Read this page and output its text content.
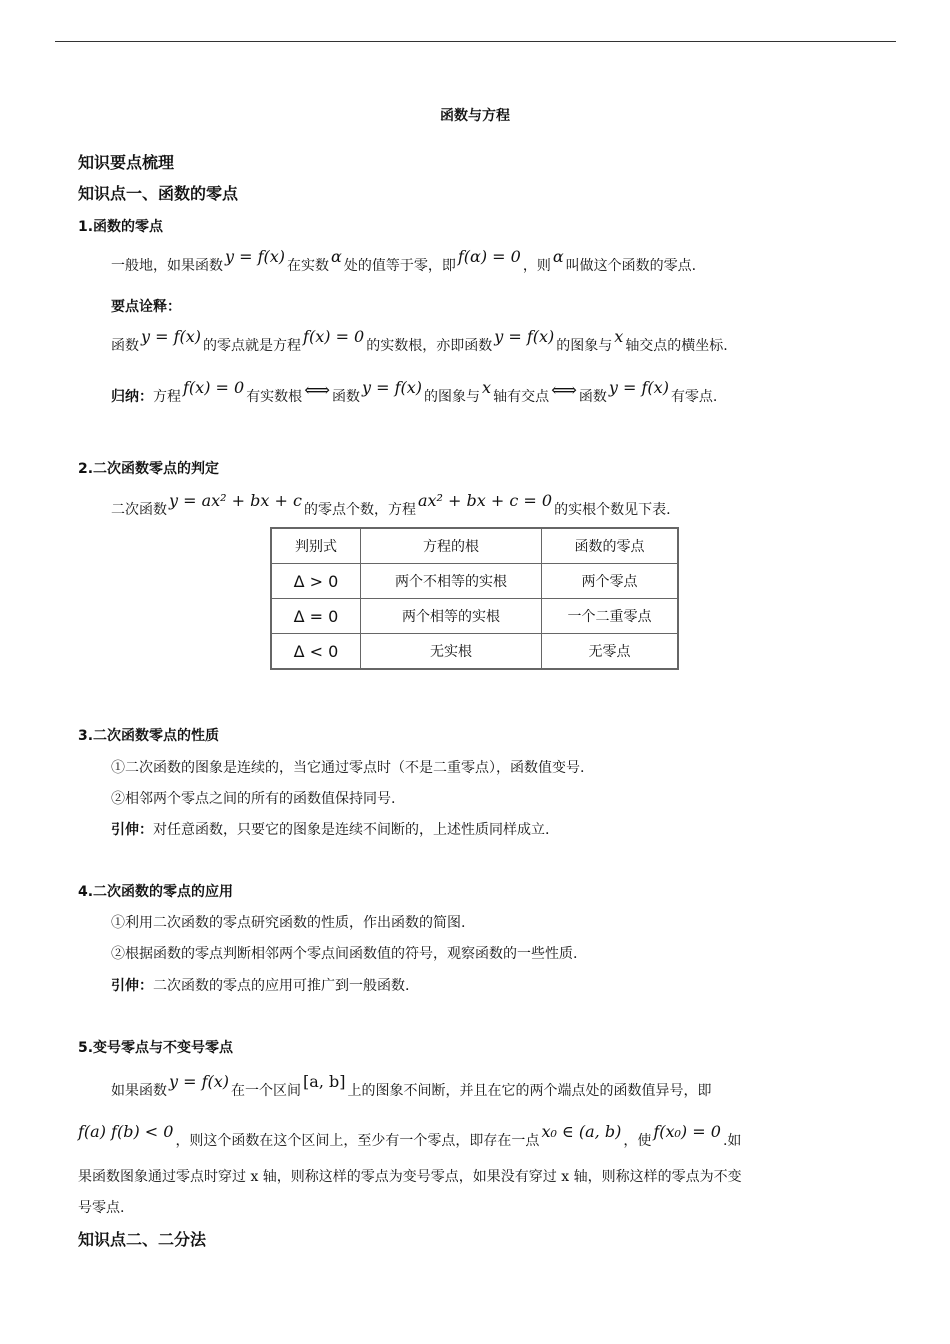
函数与方程
知识要点梳理
知识点一、函数的零点
1.函数的零点
一般地，如果函数 y = f(x) 在实数 α 处的值等于零，即 f(α) = 0 ，则 α 叫做这个函数的零点.
要点诠释：
函数 y = f(x) 的零点就是方程 f(x) = 0 的实数根，亦即函数 y = f(x) 的图象与 x 轴交点的横坐标.
归纳：方程 f(x) = 0 有实数根 ⟺ 函数 y = f(x) 的图象与 x 轴有交点 ⟺ 函数 y = f(x) 有零点.
2.二次函数零点的判定
二次函数 y = ax² + bx + c 的零点个数，方程 ax² + bx + c = 0 的实根个数见下表.
判别式	方程的根	函数的零点
Δ > 0	两个不相等的实根	两个零点
Δ = 0	两个相等的实根	一个二重零点
Δ < 0	无实根	无零点
3.二次函数零点的性质
①二次函数的图象是连续的，当它通过零点时（不是二重零点），函数值变号.
②相邻两个零点之间的所有的函数值保持同号.
引伸：对任意函数，只要它的图象是连续不间断的，上述性质同样成立.
4.二次函数的零点的应用
①利用二次函数的零点研究函数的性质，作出函数的简图.
②根据函数的零点判断相邻两个零点间函数值的符号，观察函数的一些性质.
引伸：二次函数的零点的应用可推广到一般函数.
5.变号零点与不变号零点
如果函数 y = f(x) 在一个区间 [a, b] 上的图象不间断，并且在它的两个端点处的函数值异号，即
f(a) f(b) < 0 ，则这个函数在这个区间上，至少有一个零点，即存在一点 x₀ ∈ (a, b) ，使 f(x₀) = 0 .如
果函数图象通过零点时穿过 x 轴，则称这样的零点为变号零点，如果没有穿过 x 轴，则称这样的零点为不变
号零点.
知识点二、二分法
